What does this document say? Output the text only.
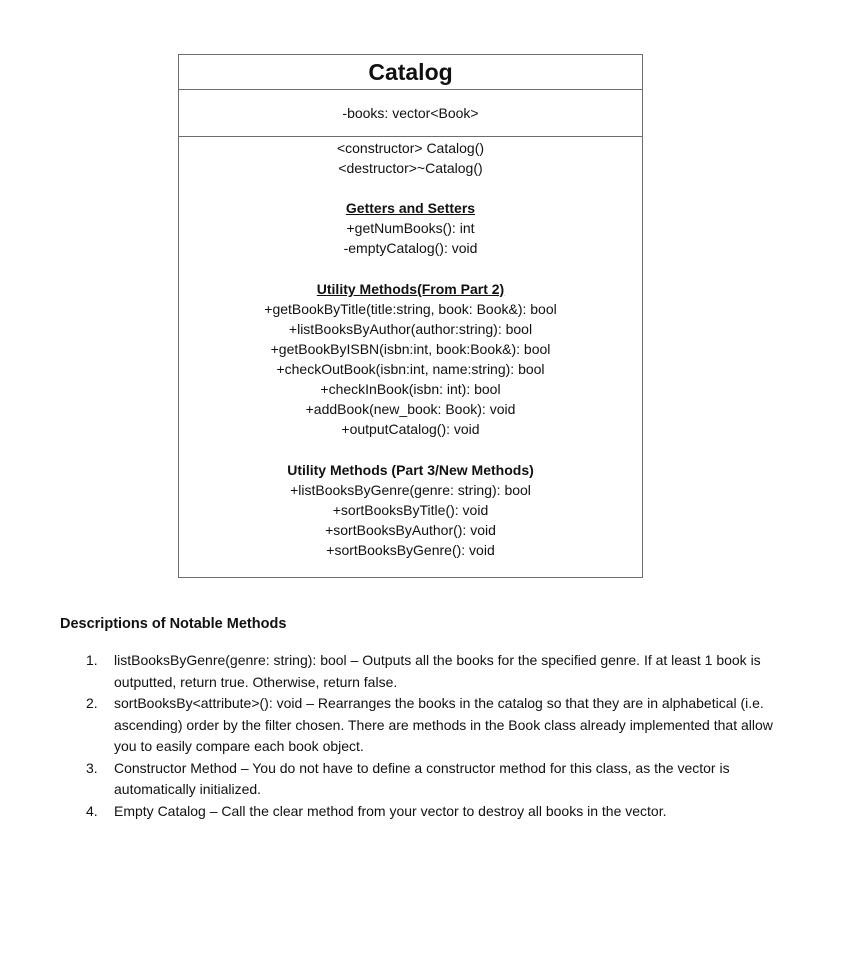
Catalog
-books: vector<Book>
<constructor> Catalog()
<destructor>~Catalog()
Getters and Setters
+getNumBooks(): int
-emptyCatalog(): void
Utility Methods(From Part 2)
+getBookByTitle(title:string, book: Book&): bool
+listBooksByAuthor(author:string): bool
+getBookByISBN(isbn:int, book:Book&): bool
+checkOutBook(isbn:int, name:string): bool
+checkInBook(isbn: int): bool
+addBook(new_book: Book): void
+outputCatalog(): void
Utility Methods (Part 3/New Methods)
+listBooksByGenre(genre: string): bool
+sortBooksByTitle(): void
+sortBooksByAuthor(): void
+sortBooksByGenre(): void
Descriptions of Notable Methods
1.	listBooksByGenre(genre: string): bool – Outputs all the books for the specified genre. If at least 1 book is outputted, return true. Otherwise, return false.
2.	sortBooksBy<attribute>(): void – Rearranges the books in the catalog so that they are in alphabetical (i.e. ascending) order by the filter chosen. There are methods in the Book class already implemented that allow you to easily compare each book object.
3.	Constructor Method – You do not have to define a constructor method for this class, as the vector is automatically initialized.
4.	Empty Catalog – Call the clear method from your vector to destroy all books in the vector.
